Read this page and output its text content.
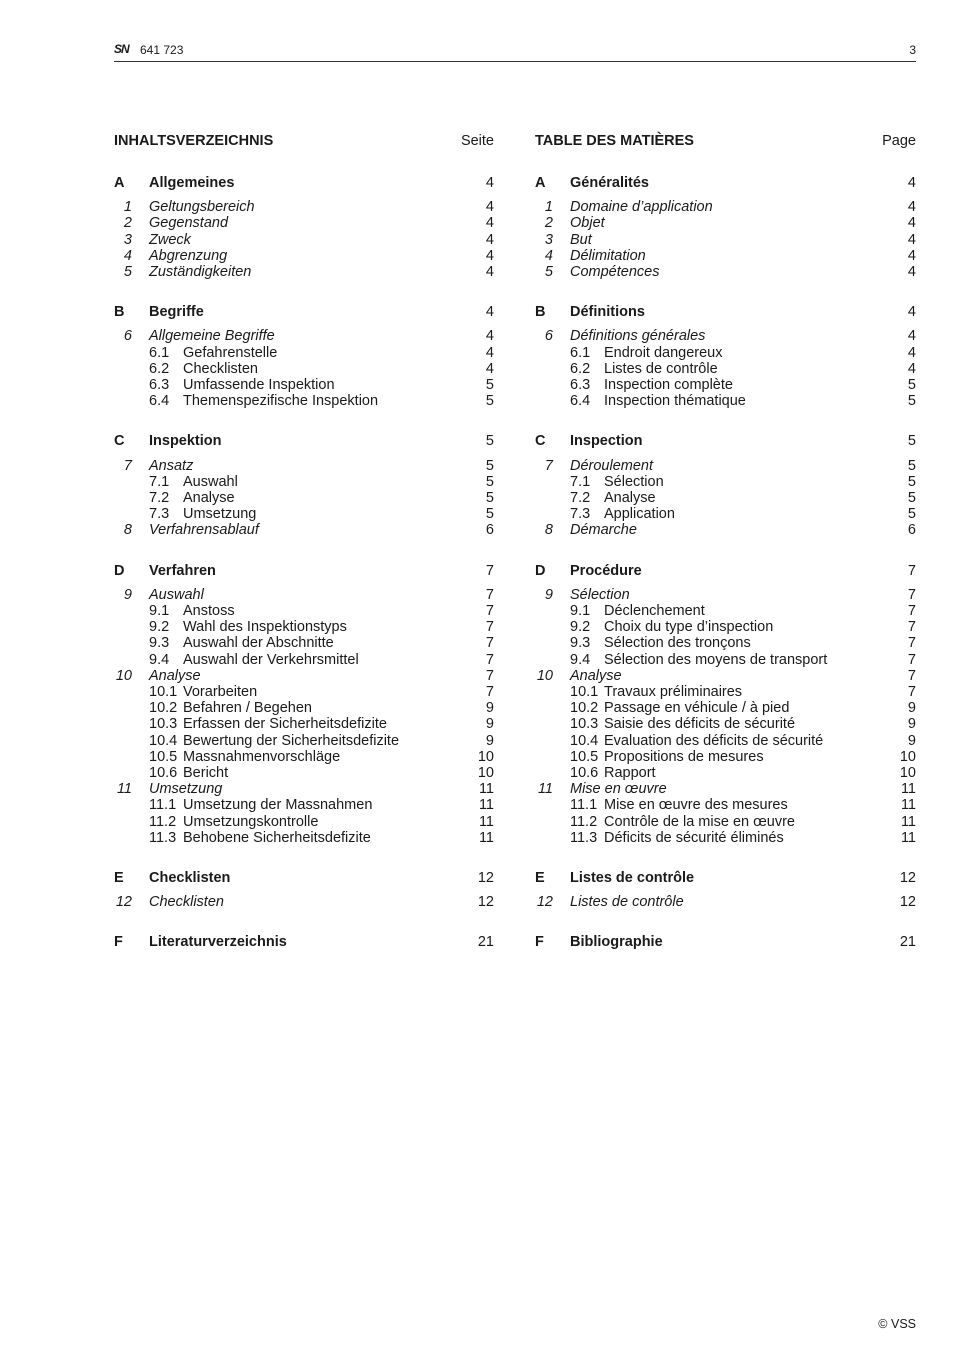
SN 641 723	3
INHALTSVERZEICHNIS	Seite
A Allgemeines	4
1 Geltungsbereich	4
2 Gegenstand	4
3 Zweck	4
4 Abgrenzung	4
5 Zuständigkeiten	4
B Begriffe	4
6 Allgemeine Begriffe	4
6.1 Gefahrenstelle	4
6.2 Checklisten	4
6.3 Umfassende Inspektion	5
6.4 Themenspezifische Inspektion	5
C Inspektion	5
7 Ansatz	5
7.1 Auswahl	5
7.2 Analyse	5
7.3 Umsetzung	5
8 Verfahrensablauf	6
D Verfahren	7
9 Auswahl	7
9.1 Anstoss	7
9.2 Wahl des Inspektionstyps	7
9.3 Auswahl der Abschnitte	7
9.4 Auswahl der Verkehrsmittel	7
10 Analyse	7
10.1 Vorarbeiten	7
10.2 Befahren / Begehen	9
10.3 Erfassen der Sicherheitsdefizite	9
10.4 Bewertung der Sicherheitsdefizite	9
10.5 Massnahmenvorschläge	10
10.6 Bericht	10
11 Umsetzung	11
11.1 Umsetzung der Massnahmen	11
11.2 Umsetzungskontrolle	11
11.3 Behobene Sicherheitsdefizite	11
E Checklisten	12
12 Checklisten	12
F Literaturverzeichnis	21
TABLE DES MATIÈRES	Page
A Généralités	4
1 Domaine d’application	4
2 Objet	4
3 But	4
4 Délimitation	4
5 Compétences	4
B Définitions	4
6 Définitions générales	4
6.1 Endroit dangereux	4
6.2 Listes de contrôle	4
6.3 Inspection complète	5
6.4 Inspection thématique	5
C Inspection	5
7 Déroulement	5
7.1 Sélection	5
7.2 Analyse	5
7.3 Application	5
8 Démarche	6
D Procédure	7
9 Sélection	7
9.1 Déclenchement	7
9.2 Choix du type d’inspection	7
9.3 Sélection des tronçons	7
9.4 Sélection des moyens de transport	7
10 Analyse	7
10.1 Travaux préliminaires	7
10.2 Passage en véhicule / à pied	9
10.3 Saisie des déficits de sécurité	9
10.4 Evaluation des déficits de sécurité	9
10.5 Propositions de mesures	10
10.6 Rapport	10
11 Mise en œuvre	11
11.1 Mise en œuvre des mesures	11
11.2 Contrôle de la mise en œuvre	11
11.3 Déficits de sécurité éliminés	11
E Listes de contrôle	12
12 Listes de contrôle	12
F Bibliographie	21
© VSS
